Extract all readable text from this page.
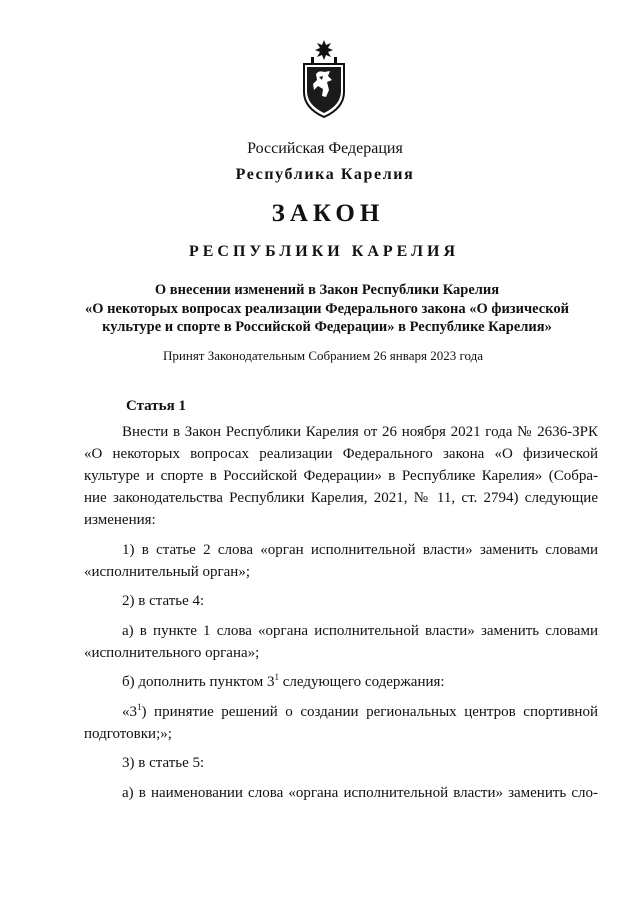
Российская Федерация
Республика Карелия
ЗАКОН
РЕСПУБЛИКИ КАРЕЛИЯ
О внесении изменений в Закон Республики Карелия
«О некоторых вопросах реализации Федерального закона «О физической
культуре и спорте в Российской Федерации» в Республике Карелия»
Принят Законодательным Собранием 26 января 2023 года
Статья 1
Внести в Закон Республики Карелия от 26 ноября 2021 года № 2636-ЗРК
«О некоторых вопросах реализации Федерального закона «О физической
культуре и спорте в Российской Федерации» в Республике Карелия» (Собра-
ние законодательства Республики Карелия, 2021, № 11, ст. 2794) следующие
изменения:
1) в статье 2 слова «орган исполнительной власти» заменить словами
«исполнительный орган»;
2) в статье 4:
а) в пункте 1 слова «органа исполнительной власти» заменить словами
«исполнительного органа»;
б) дополнить пунктом $3^1$ следующего содержания:
«$3^1$) принятие решений о создании региональных центров спортивной
подготовки;»;
3) в статье 5:
а) в наименовании слова «органа исполнительной власти» заменить сло-
